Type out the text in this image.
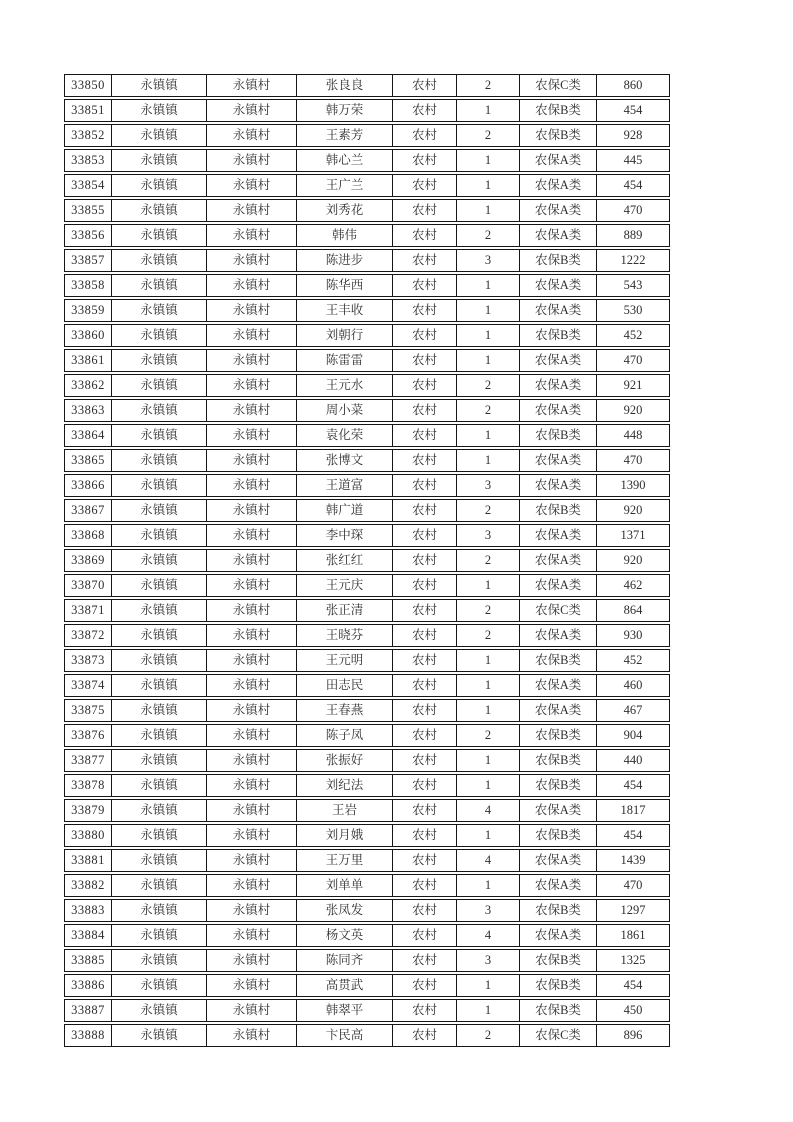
33850	永镇镇	永镇村	张良良	农村	2	农保C类	860
33851	永镇镇	永镇村	韩万荣	农村	1	农保B类	454
33852	永镇镇	永镇村	王素芳	农村	2	农保B类	928
33853	永镇镇	永镇村	韩心兰	农村	1	农保A类	445
33854	永镇镇	永镇村	王广兰	农村	1	农保A类	454
33855	永镇镇	永镇村	刘秀花	农村	1	农保A类	470
33856	永镇镇	永镇村	韩伟	农村	2	农保A类	889
33857	永镇镇	永镇村	陈进步	农村	3	农保B类	1222
33858	永镇镇	永镇村	陈华西	农村	1	农保A类	543
33859	永镇镇	永镇村	王丰收	农村	1	农保A类	530
33860	永镇镇	永镇村	刘朝行	农村	1	农保B类	452
33861	永镇镇	永镇村	陈雷雷	农村	1	农保A类	470
33862	永镇镇	永镇村	王元水	农村	2	农保A类	921
33863	永镇镇	永镇村	周小菜	农村	2	农保A类	920
33864	永镇镇	永镇村	袁化荣	农村	1	农保B类	448
33865	永镇镇	永镇村	张博文	农村	1	农保A类	470
33866	永镇镇	永镇村	王道富	农村	3	农保A类	1390
33867	永镇镇	永镇村	韩广道	农村	2	农保B类	920
33868	永镇镇	永镇村	李中琛	农村	3	农保A类	1371
33869	永镇镇	永镇村	张红红	农村	2	农保A类	920
33870	永镇镇	永镇村	王元庆	农村	1	农保A类	462
33871	永镇镇	永镇村	张正清	农村	2	农保C类	864
33872	永镇镇	永镇村	王晓芬	农村	2	农保A类	930
33873	永镇镇	永镇村	王元明	农村	1	农保B类	452
33874	永镇镇	永镇村	田志民	农村	1	农保A类	460
33875	永镇镇	永镇村	王春燕	农村	1	农保A类	467
33876	永镇镇	永镇村	陈子凤	农村	2	农保B类	904
33877	永镇镇	永镇村	张振好	农村	1	农保B类	440
33878	永镇镇	永镇村	刘纪法	农村	1	农保B类	454
33879	永镇镇	永镇村	王岩	农村	4	农保A类	1817
33880	永镇镇	永镇村	刘月娥	农村	1	农保B类	454
33881	永镇镇	永镇村	王万里	农村	4	农保A类	1439
33882	永镇镇	永镇村	刘单单	农村	1	农保A类	470
33883	永镇镇	永镇村	张凤发	农村	3	农保B类	1297
33884	永镇镇	永镇村	杨文英	农村	4	农保A类	1861
33885	永镇镇	永镇村	陈同齐	农村	3	农保B类	1325
33886	永镇镇	永镇村	高贯武	农村	1	农保B类	454
33887	永镇镇	永镇村	韩翠平	农村	1	农保B类	450
33888	永镇镇	永镇村	卞民高	农村	2	农保C类	896
